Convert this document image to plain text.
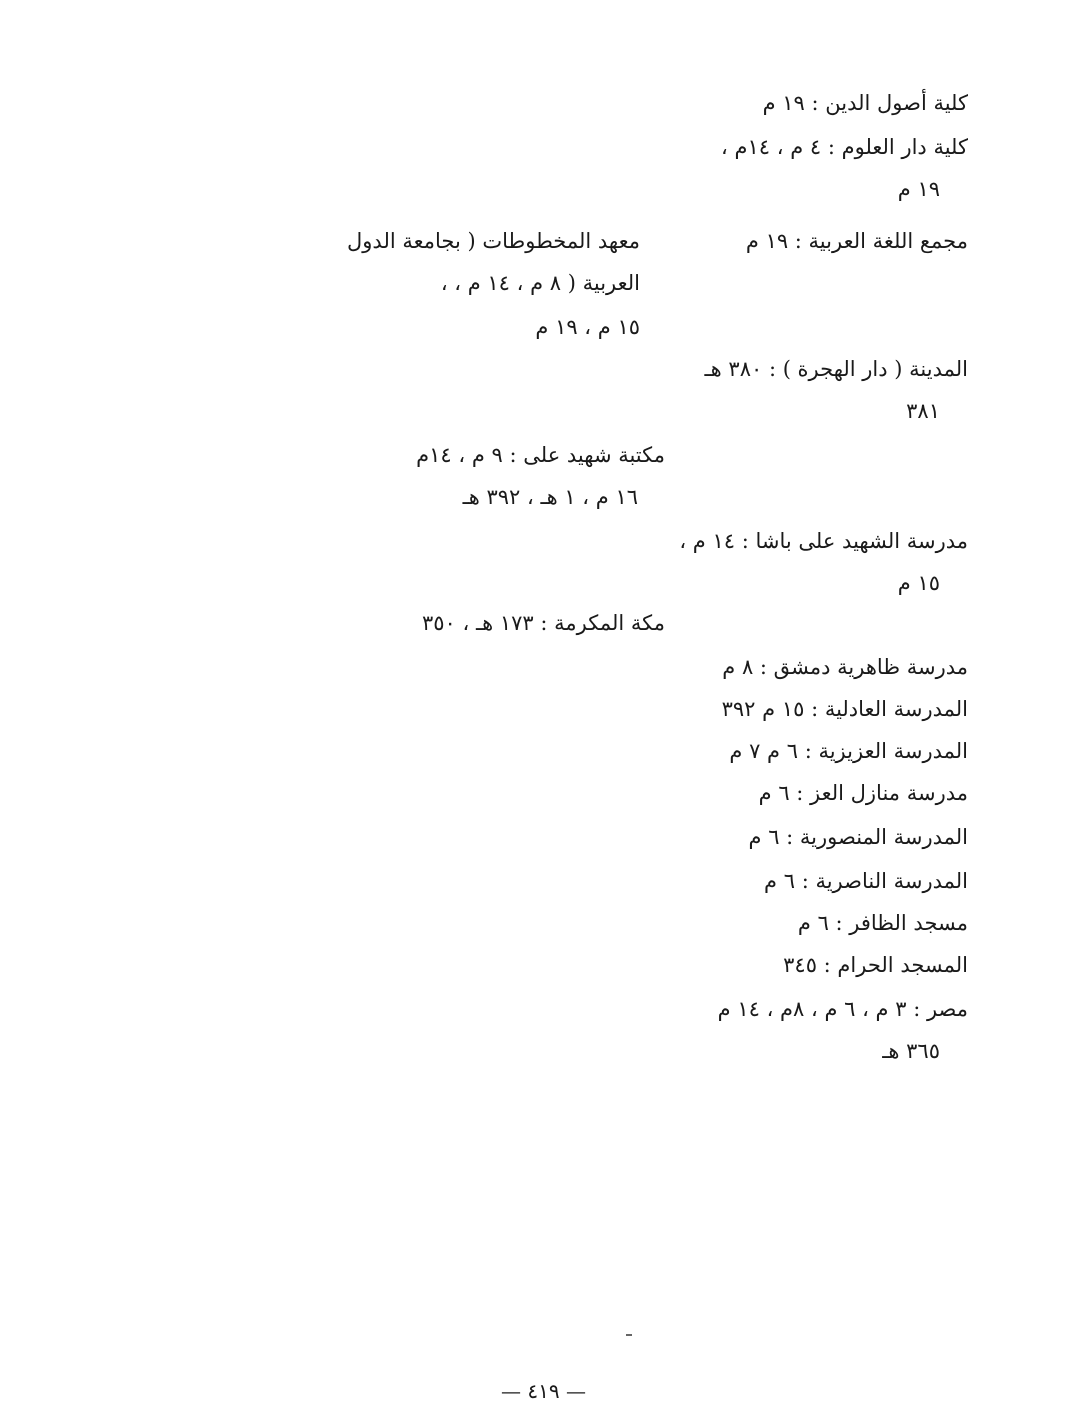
كلية أصول الدين : ١٩ م
كلية دار العلوم : ٤ م ، ١٤م ،
١٩ م
مجمع اللغة العربية : ١٩ م
معهد المخطوطات ( بجامعة الدول
العربية ( ٨ م ، ١٤ م ، ،
١٥ م ، ١٩ م
المدينة ( دار الهجرة ) : ٣٨٠ هـ
٣٨١
مكتبة شهيد على : ٩ م ، ١٤م
١٦ م ، ١ هـ ، ٣٩٢ هـ
مدرسة الشهيد على باشا : ١٤ م ،
١٥ م
مكة المكرمة : ١٧٣ هـ ، ٣٥٠
مدرسة ظاهرية دمشق : ٨ م
المدرسة العادلية : ١٥ م ٣٩٢
المدرسة العزيزية : ٦ م ٧ م
مدرسة منازل العز : ٦ م
المدرسة المنصورية : ٦ م
المدرسة الناصرية : ٦ م
مسجد الظافر : ٦ م
المسجد الحرام : ٣٤٥
مصر : ٣ م ، ٦ م ، ٨م ، ١٤ م
٣٦٥ هـ
— ٤١٩ —
